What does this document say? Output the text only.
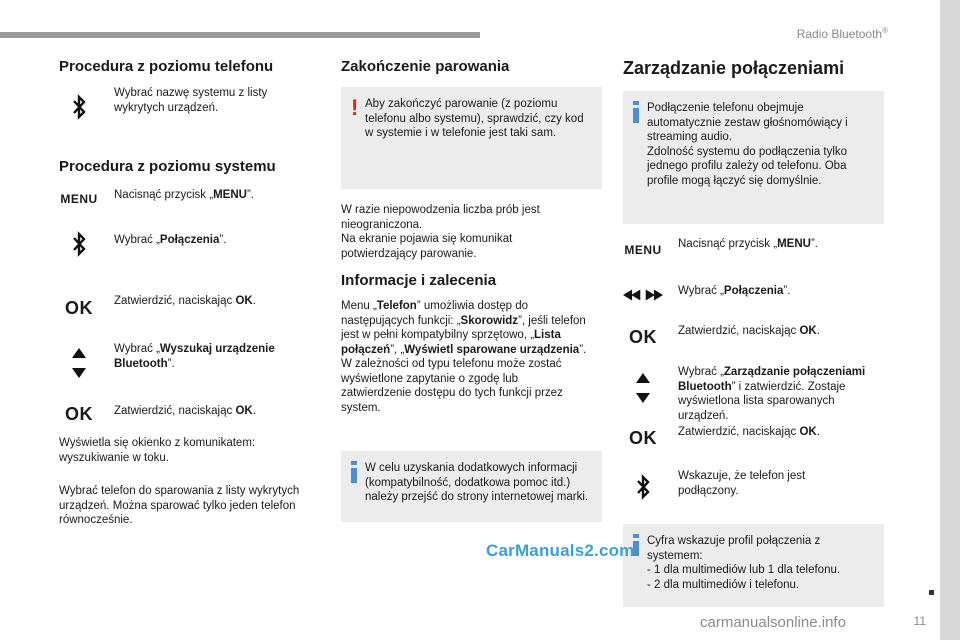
Radio Bluetooth®
11
Procedura z poziomu telefonu
Wybrać nazwę systemu z listy wykrytych urządzeń.
Procedura z poziomu systemu
MENU Nacisnąć przycisk „MENU”.
Wybrać „Połączenia”.
OK Zatwierdzić, naciskając OK.
Wybrać „Wyszukaj urządzenie Bluetooth”.
OK Zatwierdzić, naciskając OK.

Wyświetla się okienko z komunikatem: wyszukiwanie w toku.

Wybrać telefon do sparowania z listy wykrytych urządzeń. Można sparować tylko jeden telefon równocześnie.

Zakończenie parowania
! Aby zakończyć parowanie (z poziomu telefonu albo systemu), sprawdzić, czy kod w systemie i w telefonie jest taki sam.

W razie niepowodzenia liczba prób jest nieograniczona.
Na ekranie pojawia się komunikat potwierdzający parowanie.

Informacje i zalecenia

Menu „Telefon” umożliwia dostęp do następujących funkcji: „Skorowidz”, jeśli telefon jest w pełni kompatybilny sprzętowo, „Lista połączeń”, „Wyświetl sparowane urządzenia”.
W zależności od typu telefonu może zostać wyświetlone zapytanie o zgodę lub zatwierdzenie dostępu do tych funkcji przez system.

W celu uzyskania dodatkowych informacji (kompatybilność, dodatkowa pomoc itd.) należy przejść do strony internetowej marki.
Zarządzanie połączeniami
Podłączenie telefonu obejmuje automatycznie zestaw głośnomówiący i streaming audio.
Zdolność systemu do podłączenia tylko jednego profilu zależy od telefonu. Oba profile mogą łączyć się domyślnie.
MENU Nacisnąć przycisk „MENU”.
Wybrać „Połączenia”.
OK Zatwierdzić, naciskając OK.
Wybrać „Zarządzanie połączeniami Bluetooth” i zatwierdzić. Zostaje wyświetlona lista sparowanych urządzeń.
OK Zatwierdzić, naciskając OK.
Wskazuje, że telefon jest podłączony.
Cyfra wskazuje profil połączenia z systemem:
- 1 dla multimediów lub 1 dla telefonu.
- 2 dla multimediów i telefonu.
CarManuals2.com
carmanualsonline.info
